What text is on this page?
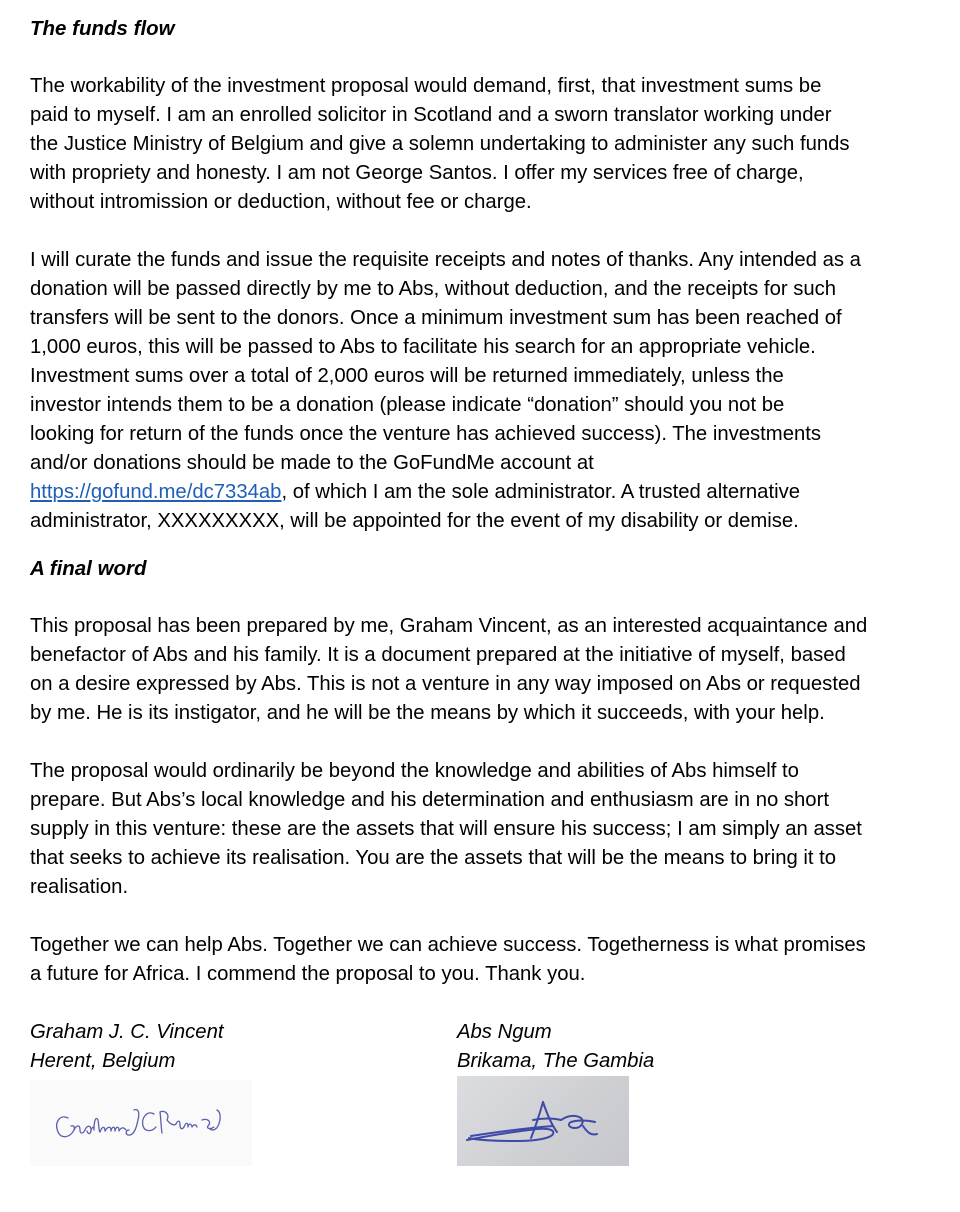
The funds flow

The workability of the investment proposal would demand, first, that investment sums be
paid to myself. I am an enrolled solicitor in Scotland and a sworn translator working under
the Justice Ministry of Belgium and give a solemn undertaking to administer any such funds
with propriety and honesty. I am not George Santos. I offer my services free of charge,
without intromission or deduction, without fee or charge.

I will curate the funds and issue the requisite receipts and notes of thanks. Any intended as a
donation will be passed directly by me to Abs, without deduction, and the receipts for such
transfers will be sent to the donors. Once a minimum investment sum has been reached of
1,000 euros, this will be passed to Abs to facilitate his search for an appropriate vehicle.
Investment sums over a total of 2,000 euros will be returned immediately, unless the
investor intends them to be a donation (please indicate “donation” should you not be
looking for return of the funds once the venture has achieved success). The investments
and/or donations should be made to the GoFundMe account at
https://gofund.me/dc7334ab, of which I am the sole administrator. A trusted alternative
administrator, XXXXXXXXX, will be appointed for the event of my disability or demise.

A final word

This proposal has been prepared by me, Graham Vincent, as an interested acquaintance and
benefactor of Abs and his family. It is a document prepared at the initiative of myself, based
on a desire expressed by Abs. This is not a venture in any way imposed on Abs or requested
by me. He is its instigator, and he will be the means by which it succeeds, with your help.

The proposal would ordinarily be beyond the knowledge and abilities of Abs himself to
prepare. But Abs’s local knowledge and his determination and enthusiasm are in no short
supply in this venture: these are the assets that will ensure his success; I am simply an asset
that seeks to achieve its realisation. You are the assets that will be the means to bring it to
realisation.

Together we can help Abs. Together we can achieve success. Togetherness is what promises
a future for Africa. I commend the proposal to you. Thank you.

Graham J. C. Vincent
Herent, Belgium
Abs Ngum
Brikama, The Gambia
